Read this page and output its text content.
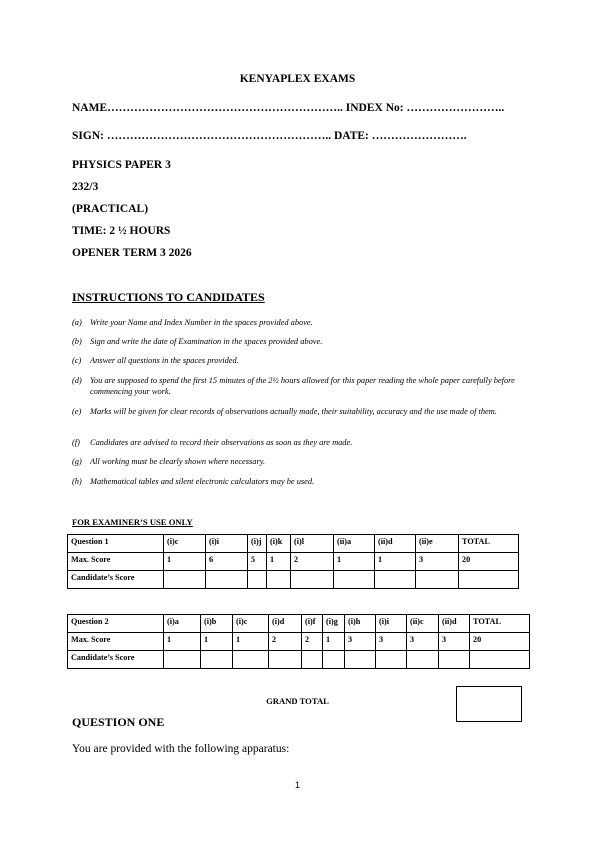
KENYAPLEX EXAMS
NAME…………………………………………………….. INDEX No: ……………………..
SIGN: ………………………………………………….. DATE: …………………….
PHYSICS PAPER 3
232/3
(PRACTICAL)
TIME: 2 ½ HOURS
OPENER TERM 3 2026
INSTRUCTIONS TO CANDIDATES
(a) Write your Name and Index Number in the spaces provided above.
(b) Sign and write the date of Examination in the spaces provided above.
(c)	Answer all questions in the spaces provided.
(d) You are supposed to spend the first 15 minutes of the 2½ hours allowed for this paper reading the whole paper carefully before commencing your work.
(e)	Marks will be given for clear records of observations actually made, their suitability, accuracy and the use made of them.
(f)	Candidates are advised to record their observations as soon as they are made.
(g) All working must be clearly shown where necessary.
(h) Mathematical tables and silent electronic calculators may be used.
FOR EXAMINER’S USE ONLY
Question 1	(i)c	(i)i	(i)j	(i)k	(i)l	(ii)a	(ii)d	(ii)e	TOTAL
Max. Score	1	6	5	1	2	1	1	3	20
Candidate’s Score									
Question 2	(i)a	(i)b	(i)c	(i)d	(i)f	(i)g	(i)h	(i)i	(ii)c	(ii)d	TOTAL
Max. Score	1	1	1	2	2	1	3	3	3	3	20
Candidate’s Score											
GRAND TOTAL
QUESTION ONE
You are provided with the following apparatus:
1
